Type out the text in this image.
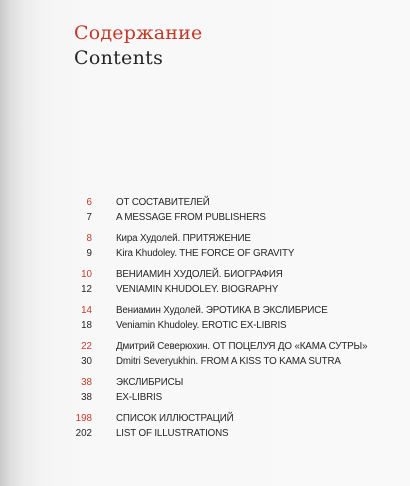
Содержание
Contents
6 ОТ СОСТАВИТЕЛЕЙ
7 A MESSAGE FROM PUBLISHERS
8 Кира Худолей. ПРИТЯЖЕНИЕ
9 Kira Khudoley. THE FORCE OF GRAVITY
10 ВЕНИАМИН ХУДОЛЕЙ. БИОГРАФИЯ
12 VENIAMIN KHUDOLEY. BIOGRAPHY
14 Вениамин Худолей. ЭРОТИКА В ЭКСЛИБРИСЕ
18 Veniamin Khudoley. EROTIC EX-LIBRIS
22 Дмитрий Северюхин. ОТ ПОЦЕЛУЯ ДО «КАМА СУТРЫ»
30 Dmitri Severyukhin. FROM A KISS TO KAMA SUTRA
38 ЭКСЛИБРИСЫ
38 EX-LIBRIS
198 СПИСОК ИЛЛЮСТРАЦИЙ
202 LIST OF ILLUSTRATIONS
